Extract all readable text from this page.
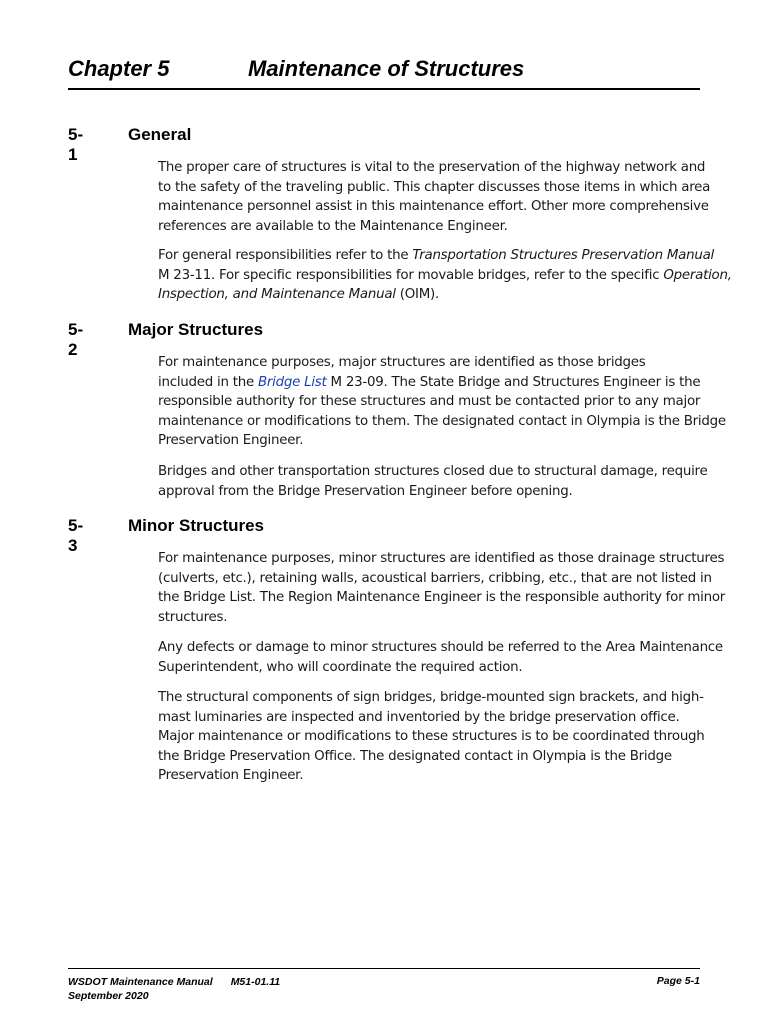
Chapter 5	Maintenance of Structures
5-1
General
The proper care of structures is vital to the preservation of the highway network and
to the safety of the traveling public. This chapter discusses those items in which area
maintenance personnel assist in this maintenance effort. Other more comprehensive
references are available to the Maintenance Engineer.
For general responsibilities refer to the Transportation Structures Preservation Manual
M 23-11. For specific responsibilities for movable bridges, refer to the specific Operation,
Inspection, and Maintenance Manual (OIM).
5-2
Major Structures
For maintenance purposes, major structures are identified as those bridges
included in the Bridge List M 23-09. The State Bridge and Structures Engineer is the
responsible authority for these structures and must be contacted prior to any major
maintenance or modifications to them. The designated contact in Olympia is the Bridge
Preservation Engineer.
Bridges and other transportation structures closed due to structural damage, require
approval from the Bridge Preservation Engineer before opening.
5-3
Minor Structures
For maintenance purposes, minor structures are identified as those drainage structures
(culverts, etc.), retaining walls, acoustical barriers, cribbing, etc., that are not listed in
the Bridge List. The Region Maintenance Engineer is the responsible authority for minor
structures.
Any defects or damage to minor structures should be referred to the Area Maintenance
Superintendent, who will coordinate the required action.
The structural components of sign bridges, bridge-mounted sign brackets, and high-
mast luminaries are inspected and inventoried by the bridge preservation office.
Major maintenance or modifications to these structures is to be coordinated through
the Bridge Preservation Office. The designated contact in Olympia is the Bridge
Preservation Engineer.
WSDOT Maintenance Manual M51-01.11
September 2020
Page 5-1
